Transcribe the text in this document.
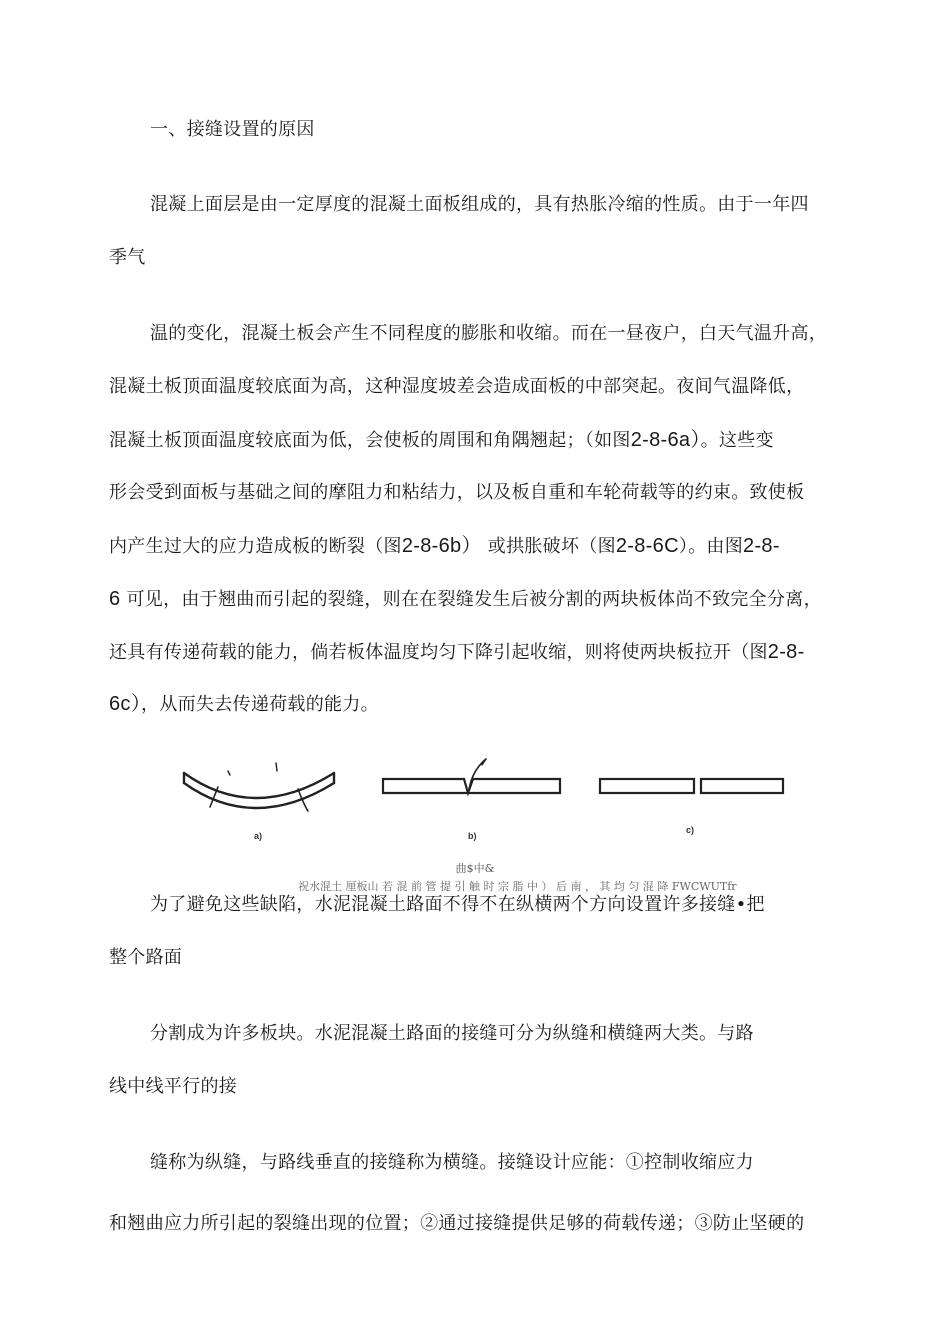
一、接缝设置的原因

混凝上面层是由一定厚度的混凝土面板组成的，具有热胀冷缩的性质。由于一年四

季气

温的变化，混凝土板会产生不同程度的膨胀和收缩。而在一昼夜户，白天气温升高，

混凝土板顶面温度较底面为高，这种湿度坡差会造成面板的中部突起。夜间气温降低，

混凝土板顶面温度较底面为低，会使板的周围和角隅翘起；（如图2-8-6a）。这些变

形会受到面板与基础之间的摩阻力和粘结力，以及板自重和车轮荷载等的约束。致使板

内产生过大的应力造成板的断裂（图2-8-6b） 或拱胀破坏（图2-8-6C）。由图2-8-

6 可见，由于翘曲而引起的裂缝，则在在裂缝发生后被分割的两块板体尚不致完全分离，

还具有传递荷载的能力，倘若板体温度均匀下降引起收缩，则将使两块板拉开（图2-8-

6c），从而失去传递荷载的能力。

a)	b)
c)
曲$中&
祝水混土 厘板山 若 混 前 管 提 引 触 时 宗 脂 中 ） 后 南 ， 其 均 匀 混 降 FWCWUTfr

为了避免这些缺陷，水泥混凝土路面不得不在纵横两个方向设置许多接缝•把

整个路面

分割成为许多板块。水泥混凝土路面的接缝可分为纵缝和横缝两大类。与路

线中线平行的接

缝称为纵缝，与路线垂直的接缝称为横缝。接缝设计应能：①控制收缩应力

和翘曲应力所引起的裂缝出现的位置；②通过接缝提供足够的荷载传递；③防止坚硬的
